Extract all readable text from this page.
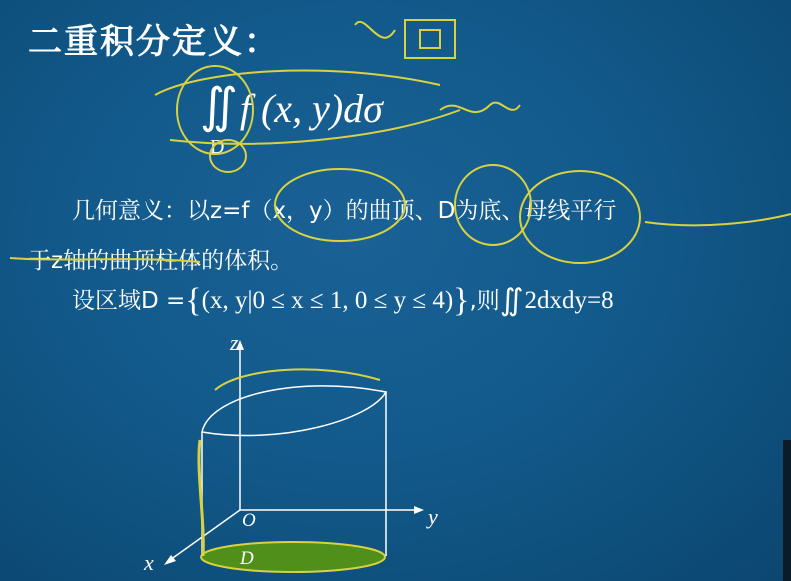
二重积分定义：
∬ f (x, y)dσ
D
几何意义：以z=f（x，y）的曲顶、D为底、母线平行
于z轴的曲顶柱体的体积。
设区域D ={(x, y|0 ≤ x ≤ 1, 0 ≤ y ≤ 4)},则∬ 2dxdy=8
z
y
x
O
D
